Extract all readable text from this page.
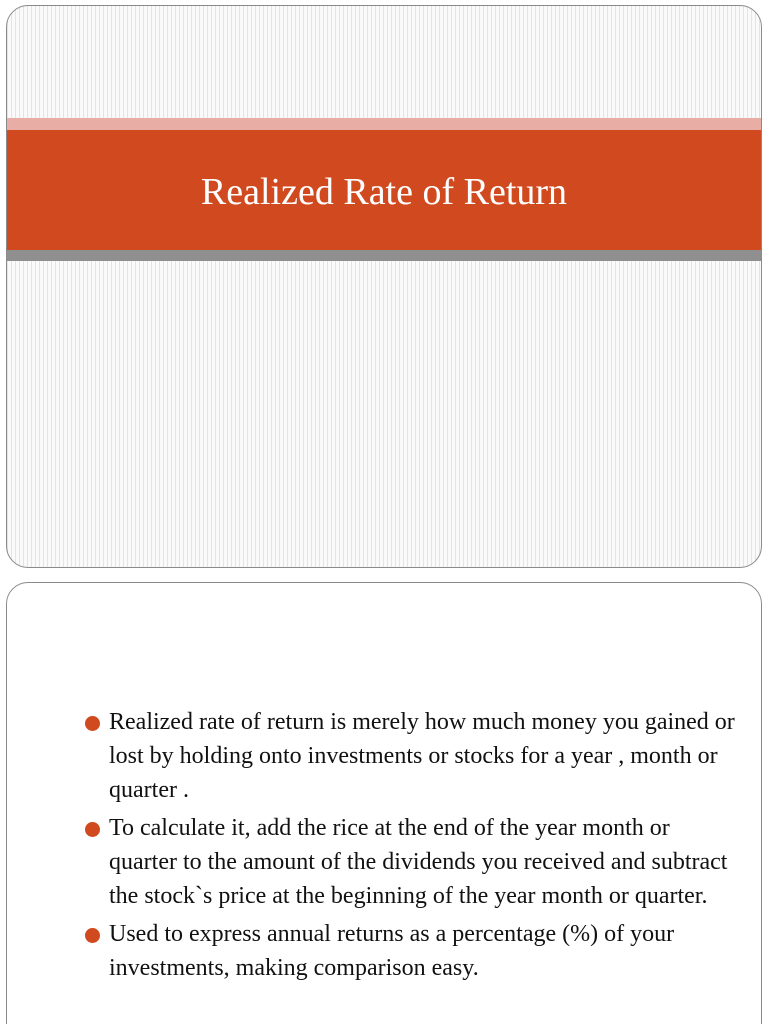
Realized Rate of Return
Realized rate of return is merely how much money you gained or lost by holding onto investments or stocks for a year , month or quarter .
To calculate it, add the rice at the end of the year month or quarter to the amount of the dividends you received and subtract the stock`s price at the beginning of the year month or quarter.
Used to express annual returns as a percentage (%) of your investments, making comparison easy.
